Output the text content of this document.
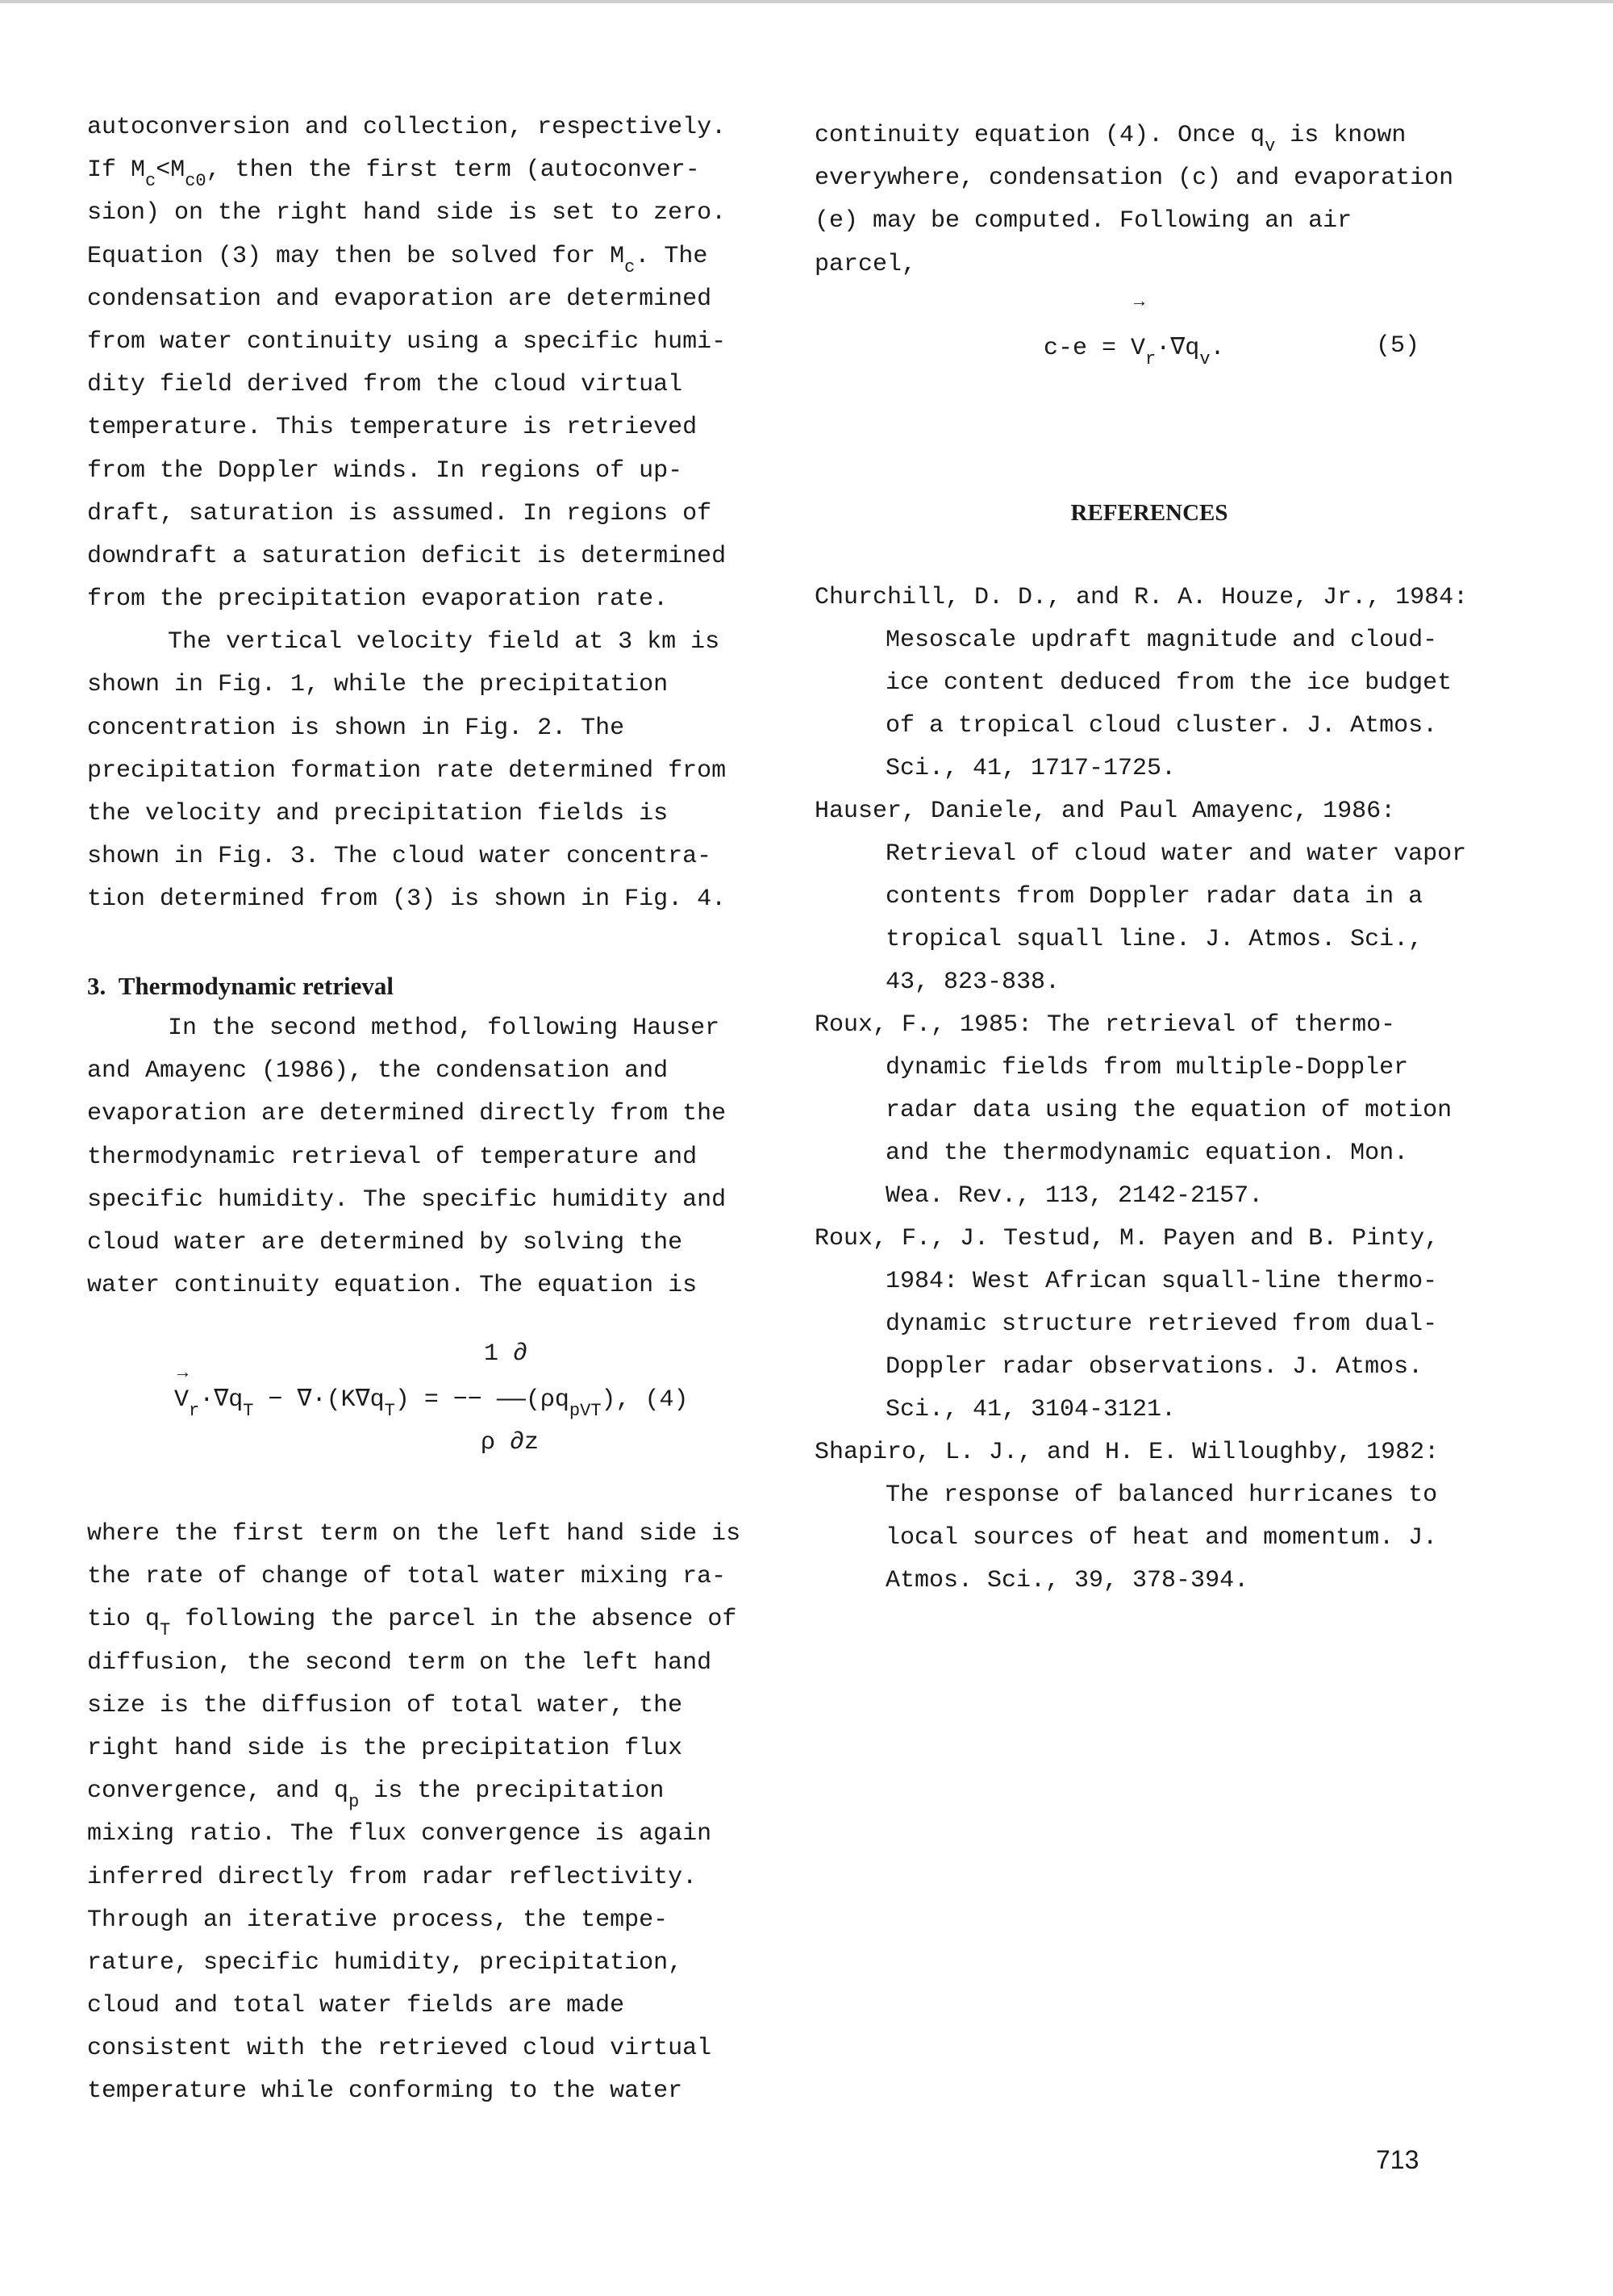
autoconversion and collection, respectively.
If $M_c<M_{c0}$, then the first term (autoconver-
sion) on the right hand side is set to zero.
Equation (3) may then be solved for $M_c$. The
condensation and evaporation are determined
from water continuity using a specific humi-
dity field derived from the cloud virtual
temperature. This temperature is retrieved
from the Doppler winds. In regions of up-
draft, saturation is assumed. In regions of
downdraft a saturation deficit is determined
from the precipitation evaporation rate.
The vertical velocity field at 3 km is
shown in Fig. 1, while the precipitation
concentration is shown in Fig. 2. The
precipitation formation rate determined from
the velocity and precipitation fields is
shown in Fig. 3. The cloud water concentra-
tion determined from (3) is shown in Fig. 4.
3. Thermodynamic retrieval
In the second method, following Hauser
and Amayenc (1986), the condensation and
evaporation are determined directly from the
thermodynamic retrieval of temperature and
specific humidity. The specific humidity and
cloud water are determined by solving the
water continuity equation. The equation is
1 ∂
→
$V_r\cdot\nabla q_T - \nabla\cdot(K\nabla q_T)$ = −− $——(\rho q_{pVT})$, (4)
ρ ∂z
where the first term on the left hand side is
the rate of change of total water mixing ra-
tio $q_T$ following the parcel in the absence of
diffusion, the second term on the left hand
size is the diffusion of total water, the
right hand side is the precipitation flux
convergence, and $q_p$ is the precipitation
mixing ratio. The flux convergence is again
inferred directly from radar reflectivity.
Through an iterative process, the tempe-
rature, specific humidity, precipitation,
cloud and total water fields are made
consistent with the retrieved cloud virtual
temperature while conforming to the water
continuity equation (4). Once $q_v$ is known
everywhere, condensation (c) and evaporation
(e) may be computed. Following an air
parcel,
→
$c-e = V_r\cdot\nabla q_v$.	(5)
REFERENCES
Churchill, D. D., and R. A. Houze, Jr., 1984:
Mesoscale updraft magnitude and cloud-
ice content deduced from the ice budget
of a tropical cloud cluster. J. Atmos.
Sci., 41, 1717-1725.
Hauser, Daniele, and Paul Amayenc, 1986:
Retrieval of cloud water and water vapor
contents from Doppler radar data in a
tropical squall line. J. Atmos. Sci.,
43, 823-838.
Roux, F., 1985: The retrieval of thermo-
dynamic fields from multiple-Doppler
radar data using the equation of motion
and the thermodynamic equation. Mon.
Wea. Rev., 113, 2142-2157.
Roux, F., J. Testud, M. Payen and B. Pinty,
1984: West African squall-line thermo-
dynamic structure retrieved from dual-
Doppler radar observations. J. Atmos.
Sci., 41, 3104-3121.
Shapiro, L. J., and H. E. Willoughby, 1982:
The response of balanced hurricanes to
local sources of heat and momentum. J.
Atmos. Sci., 39, 378-394.
713
